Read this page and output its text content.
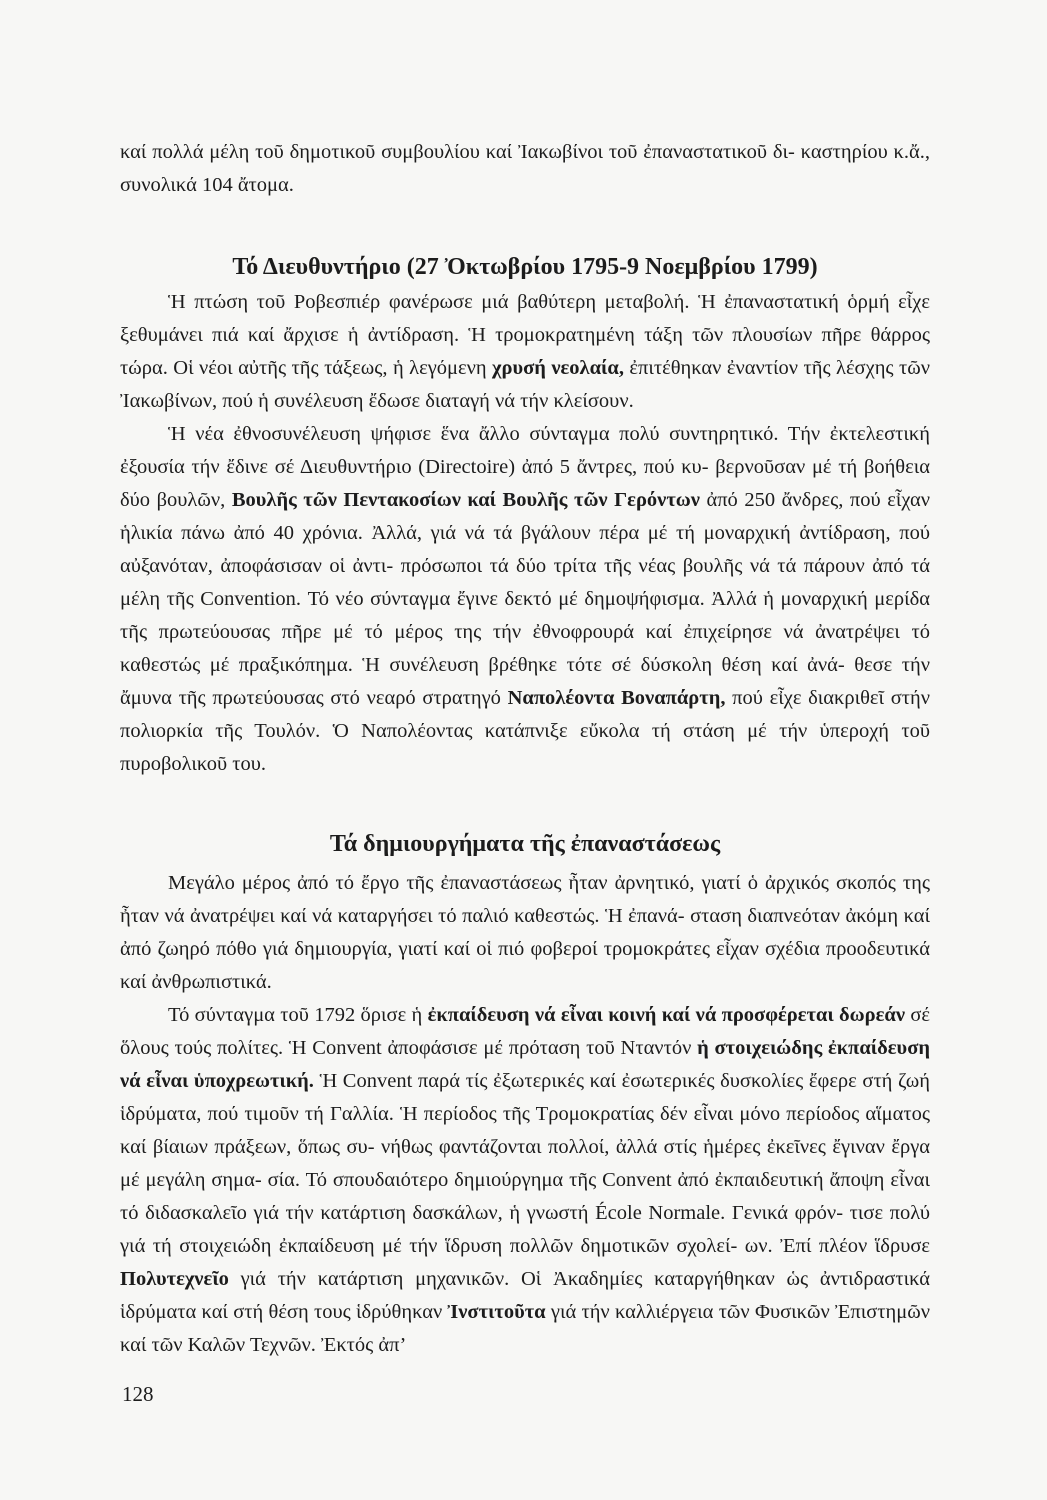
καί πολλά μέλη τοῦ δημοτικοῦ συμβουλίου καί Ἰακωβίνοι τοῦ ἐπαναστατικοῦ δι- καστηρίου κ.ἄ., συνολικά 104 ἄτομα.

Τό Διευθυντήριο (27 Ὀκτωβρίου 1795-9 Νοεμβρίου 1799)

Ἡ πτώση τοῦ Ροβεσπιέρ φανέρωσε μιά βαθύτερη μεταβολή. Ἡ ἐπαναστατική ὁρμή εἶχε ξεθυμάνει πιά καί ἄρχισε ἡ ἀντίδραση. Ἡ τρομοκρατημένη τάξη τῶν πλουσίων πῆρε θάρρος τώρα. Οἱ νέοι αὐτῆς τῆς τάξεως, ἡ λεγόμενη χρυσή νεολαία, ἐπιτέθηκαν ἐναντίον τῆς λέσχης τῶν Ἰακωβίνων, πού ἡ συνέλευση ἔδωσε διαταγή νά τήν κλείσουν.

Ἡ νέα ἐθνοσυνέλευση ψήφισε ἕνα ἄλλο σύνταγμα πολύ συντηρητικό. Τήν ἐκτελεστική ἐξουσία τήν ἔδινε σέ Διευθυντήριο (Directoire) ἀπό 5 ἄντρες, πού κυ- βερνοῦσαν μέ τή βοήθεια δύο βουλῶν, Βουλῆς τῶν Πεντακοσίων καί Βουλῆς τῶν Γερόντων ἀπό 250 ἄνδρες, πού εἶχαν ἡλικία πάνω ἀπό 40 χρόνια. Ἀλλά, γιά νά τά βγάλουν πέρα μέ τή μοναρχική ἀντίδραση, πού αὐξανόταν, ἀποφάσισαν οἱ ἀντι- πρόσωποι τά δύο τρίτα τῆς νέας βουλῆς νά τά πάρουν ἀπό τά μέλη τῆς Convention. Τό νέο σύνταγμα ἔγινε δεκτό μέ δημοψήφισμα. Ἀλλά ἡ μοναρχική μερίδα τῆς πρωτεύουσας πῆρε μέ τό μέρος της τήν ἐθνοφρουρά καί ἐπιχείρησε νά ἀνατρέψει τό καθεστώς μέ πραξικόπημα. Ἡ συνέλευση βρέθηκε τότε σέ δύσκολη θέση καί ἀνά- θεσε τήν ἄμυνα τῆς πρωτεύουσας στό νεαρό στρατηγό Ναπολέοντα Βοναπάρτη, πού εἶχε διακριθεῖ στήν πολιορκία τῆς Τουλόν. Ὁ Ναπολέοντας κατάπνιξε εὔκολα τή στάση μέ τήν ὑπεροχή τοῦ πυροβολικοῦ του.

Τά δημιουργήματα τῆς ἐπαναστάσεως

Μεγάλο μέρος ἀπό τό ἔργο τῆς ἐπαναστάσεως ἦταν ἀρνητικό, γιατί ὁ ἀρχικός σκοπός της ἦταν νά ἀνατρέψει καί νά καταργήσει τό παλιό καθεστώς. Ἡ ἐπανά- σταση διαπνεόταν ἀκόμη καί ἀπό ζωηρό πόθο γιά δημιουργία, γιατί καί οἱ πιό φοβεροί τρομοκράτες εἶχαν σχέδια προοδευτικά καί ἀνθρωπιστικά.

Τό σύνταγμα τοῦ 1792 ὅρισε ἡ ἐκπαίδευση νά εἶναι κοινή καί νά προσφέρεται δωρεάν σέ ὅλους τούς πολίτες. Ἡ Convent ἀποφάσισε μέ πρόταση τοῦ Νταντόν ἡ στοιχειώδης ἐκπαίδευση νά εἶναι ὑποχρεωτική. Ἡ Convent παρά τίς ἐξωτερικές καί ἐσωτερικές δυσκολίες ἔφερε στή ζωή ἱδρύματα, πού τιμοῦν τή Γαλλία. Ἡ περίοδος τῆς Τρομοκρατίας δέν εἶναι μόνο περίοδος αἵματος καί βίαιων πράξεων, ὅπως συ- νήθως φαντάζονται πολλοί, ἀλλά στίς ἡμέρες ἐκεῖνες ἔγιναν ἔργα μέ μεγάλη σημα- σία. Τό σπουδαιότερο δημιούργημα τῆς Convent ἀπό ἐκπαιδευτική ἄποψη εἶναι τό διδασκαλεῖο γιά τήν κατάρτιση δασκάλων, ἡ γνωστή École Normale. Γενικά φρόν- τισε πολύ γιά τή στοιχειώδη ἐκπαίδευση μέ τήν ἵδρυση πολλῶν δημοτικῶν σχολεί- ων. Ἐπί πλέον ἵδρυσε Πολυτεχνεῖο γιά τήν κατάρτιση μηχανικῶν. Οἱ Ἀκαδημίες καταργήθηκαν ὡς ἀντιδραστικά ἱδρύματα καί στή θέση τους ἱδρύθηκαν Ἰνστιτοῦτα γιά τήν καλλιέργεια τῶν Φυσικῶν Ἐπιστημῶν καί τῶν Καλῶν Τεχνῶν. Ἐκτός ἀπ’

128
